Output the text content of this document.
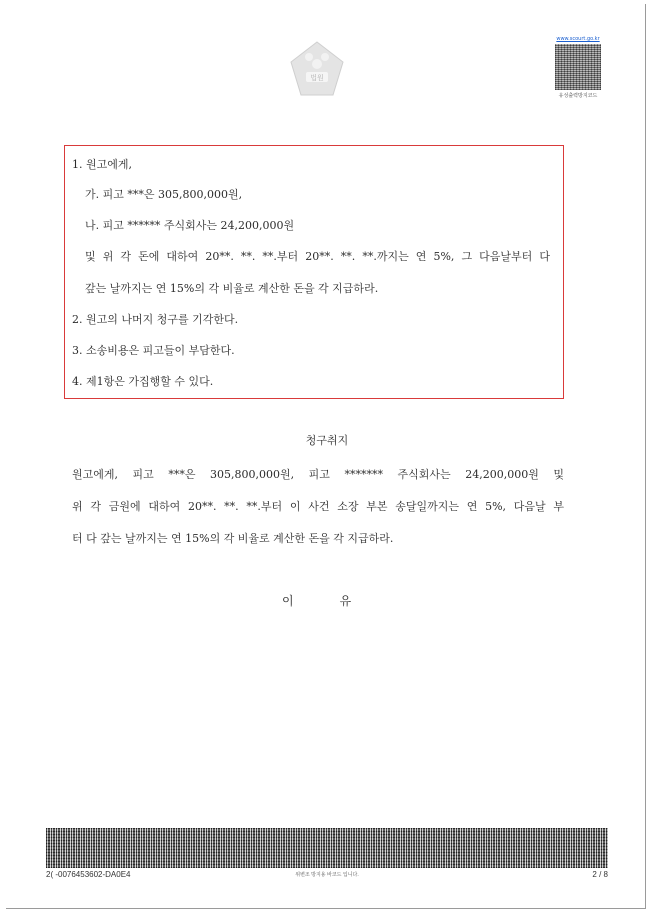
법원
www.scourt.go.kr
유성출력방지코드
1. 원고에게,
가. 피고 ***은 305,800,000원,
나. 피고 ****** 주식회사는 24,200,000원
및 위 각 돈에 대하여 20**. **. **.부터 20**. **. **.까지는 연 5%, 그 다음날부터 다
갚는 날까지는 연 15%의 각 비율로 계산한 돈을 각 지급하라.
2. 원고의 나머지 청구를 기각한다.
3. 소송비용은 피고들이 부담한다.
4. 제1항은 가집행할 수 있다.
청구취지
원고에게, 피고 ***은 305,800,000원, 피고 ******* 주식회사는 24,200,000원 및
위 각 금원에 대하여 20**. **. **.부터 이 사건 소장 부본 송달일까지는 연 5%, 다음날 부
터 다 갚는 날까지는 연 15%의 각 비율로 계산한 돈을 각 지급하라.
이	유
2( -0076453602-DA0E4	위변조 방지용 바코드 입니다.	2 / 8
